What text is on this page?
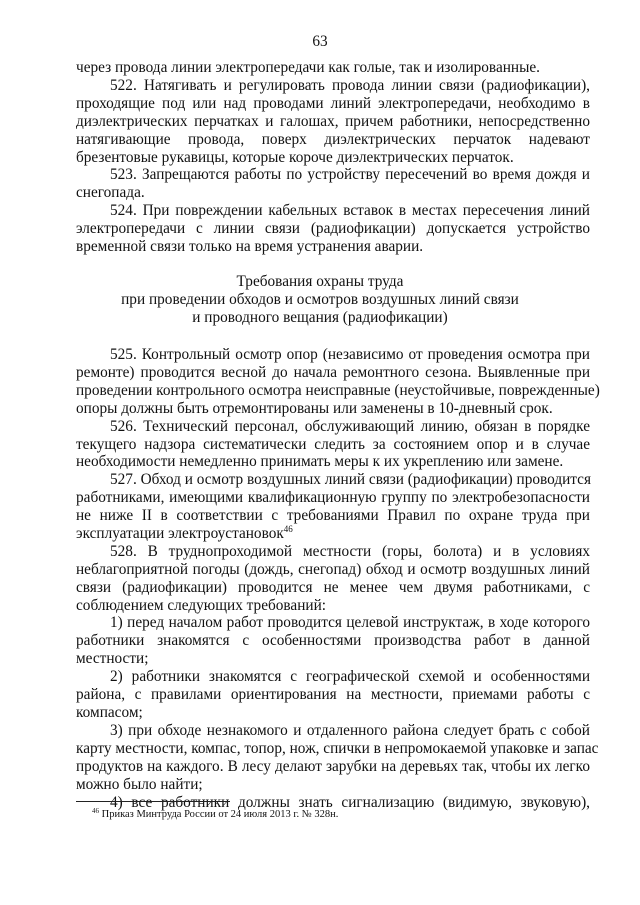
63
через провода линии электропередачи как голые, так и изолированные.
522. Натягивать и регулировать провода линии связи (радиофикации),
проходящие под или над проводами линий электропередачи, необходимо в
диэлектрических перчатках и галошах, причем работники, непосредственно
натягивающие провода, поверх диэлектрических перчаток надевают
брезентовые рукавицы, которые короче диэлектрических перчаток.
523. Запрещаются работы по устройству пересечений во время дождя и
снегопада.
524. При повреждении кабельных вставок в местах пересечения линий
электропередачи с линии связи (радиофикации) допускается устройство
временной связи только на время устранения аварии.
Требования охраны труда
при проведении обходов и осмотров воздушных линий связи
и проводного вещания (радиофикации)
525. Контрольный осмотр опор (независимо от проведения осмотра при
ремонте) проводится весной до начала ремонтного сезона. Выявленные при
проведении контрольного осмотра неисправные (неустойчивые, поврежденные)
опоры должны быть отремонтированы или заменены в 10-дневный срок.
526. Технический персонал, обслуживающий линию, обязан в порядке
текущего надзора систематически следить за состоянием опор и в случае
необходимости немедленно принимать меры к их укреплению или замене.
527. Обход и осмотр воздушных линий связи (радиофикации) проводится
работниками, имеющими квалификационную группу по электробезопасности
не ниже II в соответствии с требованиями Правил по охране труда при
эксплуатации электроустановок$^{46}$
528. В труднопроходимой местности (горы, болота) и в условиях
неблагоприятной погоды (дождь, снегопад) обход и осмотр воздушных линий
связи (радиофикации) проводится не менее чем двумя работниками, с
соблюдением следующих требований:
1) перед началом работ проводится целевой инструктаж, в ходе которого
работники знакомятся с особенностями производства работ в данной
местности;
2) работники знакомятся с географической схемой и особенностями
района, с правилами ориентирования на местности, приемами работы с
компасом;
3) при обходе незнакомого и отдаленного района следует брать с собой
карту местности, компас, топор, нож, спички в непромокаемой упаковке и запас
продуктов на каждого. В лесу делают зарубки на деревьях так, чтобы их легко
можно было найти;
4) все работники должны знать сигнализацию (видимую, звуковую),
$^{46}$ Приказ Минтруда России от 24 июля 2013 г. № 328н.
